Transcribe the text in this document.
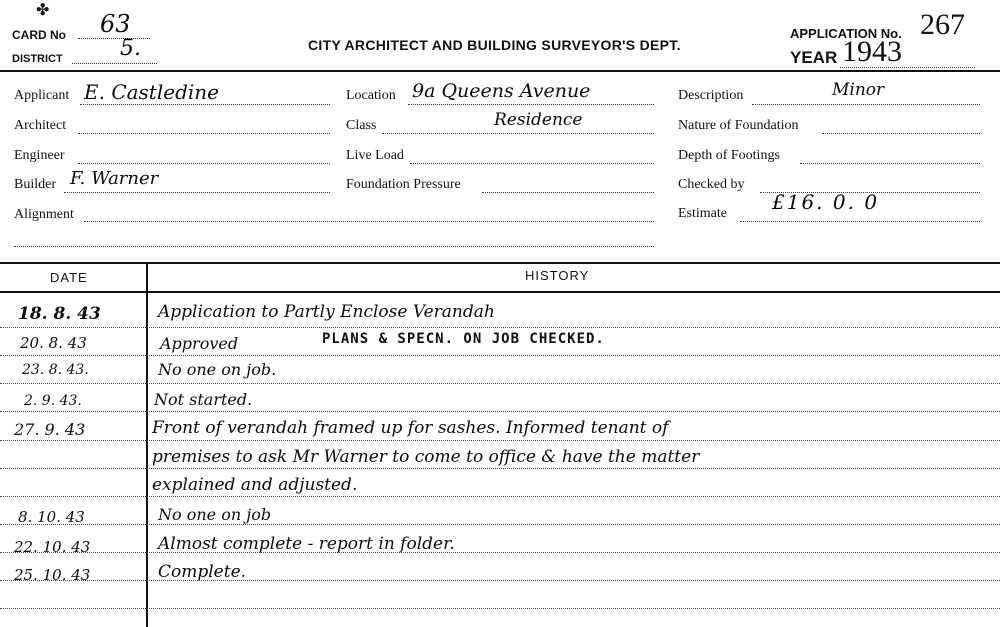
✤
CARD No 63
DISTRICT	5.	CITY ARCHITECT AND BUILDING SURVEYOR'S DEPT.
APPLICATION No. 267
YEAR 1943
Applicant E. Castledine
Architect
Engineer
Builder F. Warner
Alignment
Location 9a Queens Avenue
Class	Residence
Live Load
Foundation Pressure
Description	Minor
Nature of Foundation
Depth of Footings
Checked by
Estimate £16. 0. 0
DATE	HISTORY
PLANS & SPECN. ON JOB CHECKED.
18. 8. 43	Application to Partly Enclose Verandah
20. 8. 43	Approved
23. 8. 43.	No one on job.
2. 9. 43.	Not started.
27. 9. 43	Front of verandah framed up for sashes. Informed tenant of
premises to ask Mr Warner to come to office & have the matter
explained and adjusted.
8. 10. 43	No one on job
22. 10. 43	Almost complete - report in folder.
25. 10. 43	Complete.
